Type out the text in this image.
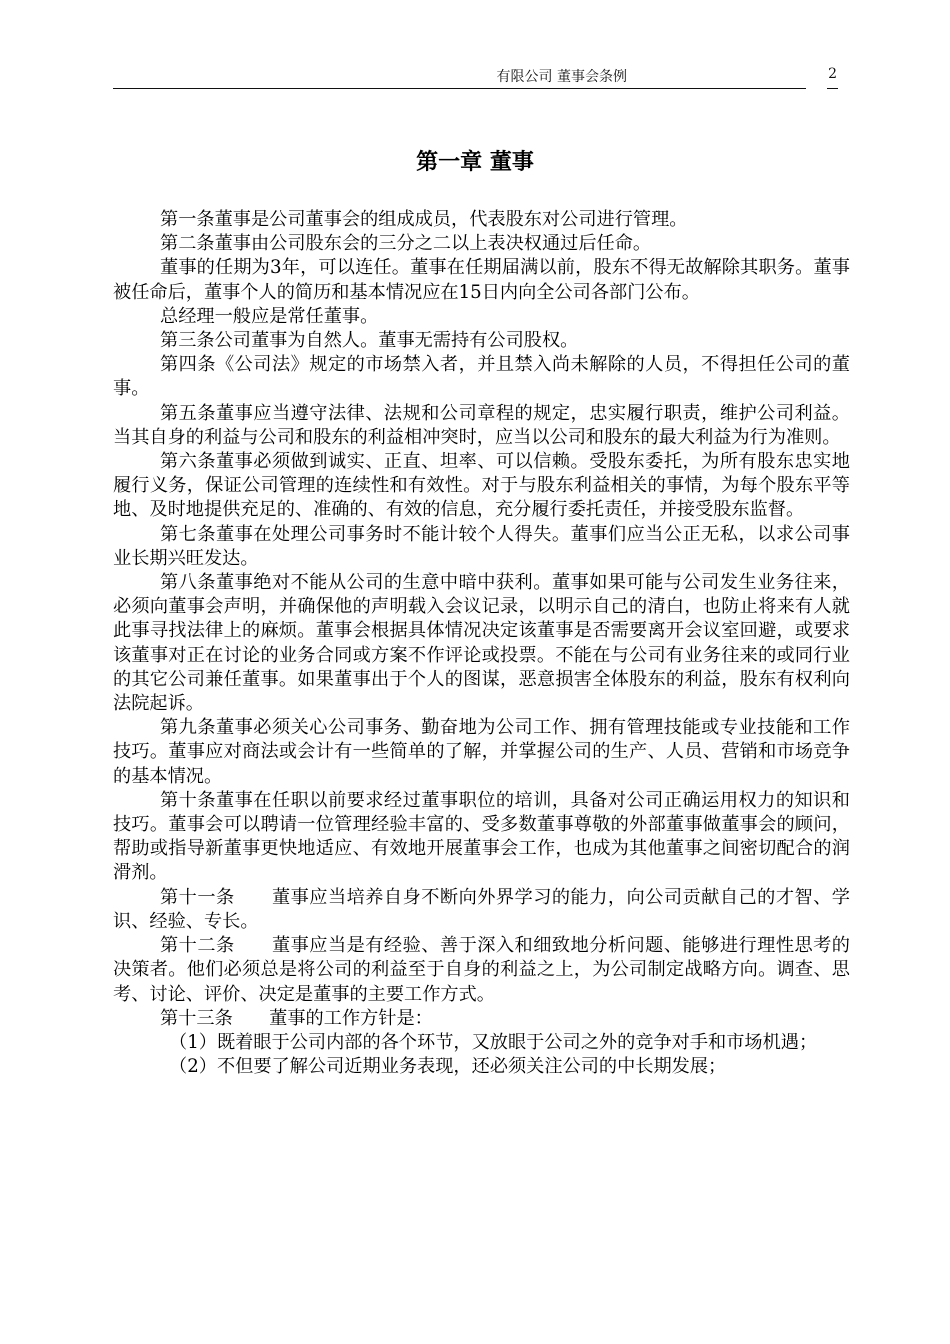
有限公司 董事会条例	2
第一章 董事

第一条董事是公司董事会的组成成员，代表股东对公司进行管理。

第二条董事由公司股东会的三分之二以上表决权通过后任命。

董事的任期为3年，可以连任。董事在任期届满以前，股东不得无故解除其职务。董事被任命后，董事个人的简历和基本情况应在15日内向全公司各部门公布。

总经理一般应是常任董事。

第三条公司董事为自然人。董事无需持有公司股权。

第四条《公司法》规定的市场禁入者，并且禁入尚未解除的人员，不得担任公司的董事。

第五条董事应当遵守法律、法规和公司章程的规定，忠实履行职责，维护公司利益。当其自身的利益与公司和股东的利益相冲突时，应当以公司和股东的最大利益为行为准则。

第六条董事必须做到诚实、正直、坦率、可以信赖。受股东委托，为所有股东忠实地履行义务，保证公司管理的连续性和有效性。对于与股东利益相关的事情，为每个股东平等地、及时地提供充足的、准确的、有效的信息，充分履行委托责任，并接受股东监督。

第七条董事在处理公司事务时不能计较个人得失。董事们应当公正无私，以求公司事业长期兴旺发达。

第八条董事绝对不能从公司的生意中暗中获利。董事如果可能与公司发生业务往来，必须向董事会声明，并确保他的声明载入会议记录，以明示自己的清白，也防止将来有人就此事寻找法律上的麻烦。董事会根据具体情况决定该董事是否需要离开会议室回避，或要求该董事对正在讨论的业务合同或方案不作评论或投票。不能在与公司有业务往来的或同行业的其它公司兼任董事。如果董事出于个人的图谋，恶意损害全体股东的利益，股东有权利向法院起诉。

第九条董事必须关心公司事务、勤奋地为公司工作、拥有管理技能或专业技能和工作技巧。董事应对商法或会计有一些简单的了解，并掌握公司的生产、人员、营销和市场竞争的基本情况。

第十条董事在任职以前要求经过董事职位的培训，具备对公司正确运用权力的知识和技巧。董事会可以聘请一位管理经验丰富的、受多数董事尊敬的外部董事做董事会的顾问，帮助或指导新董事更快地适应、有效地开展董事会工作，也成为其他董事之间密切配合的润滑剂。

第十一条　　董事应当培养自身不断向外界学习的能力，向公司贡献自己的才智、学识、经验、专长。

第十二条　　董事应当是有经验、善于深入和细致地分析问题、能够进行理性思考的决策者。他们必须总是将公司的利益至于自身的利益之上，为公司制定战略方向。调查、思考、讨论、评价、决定是董事的主要工作方式。

第十三条　　董事的工作方针是：

（1）既着眼于公司内部的各个环节，又放眼于公司之外的竞争对手和市场机遇；

（2）不但要了解公司近期业务表现，还必须关注公司的中长期发展；
